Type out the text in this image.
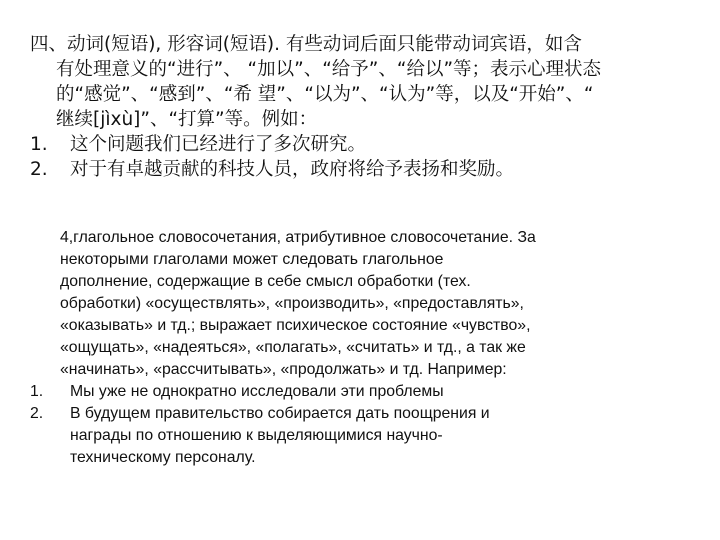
四、动词(短语), 形容词(短语). 有些动词后面只能带动词宾语，如含
有处理意义的“进行”、 “加以”、“给予”、“给以”等；表示心理状态
的“感觉”、“感到”、“希 望”、“以为”、“认为”等，以及“开始”、“
继续[jìxù]”、“打算”等。例如：

1. 这个问题我们已经进行了多次研究。
2. 对于有卓越贡献的科技人员，政府将给予表扬和奖励。

4,глагольное словосочетания, атрибутивное словосочетание. За
некоторыми глаголами может следовать глагольное
дополнение, содержащие в себе смысл обработки (тех.
обработки) «осуществлять», «производить», «предоставлять»,
«оказывать» и тд.; выражает психическое состояние «чувство»,
«ощущать», «надеяться», «полагать», «считать» и тд., а так же
«начинать», «рассчитывать», «продолжать» и тд. Например:

1. Мы уже не однократно исследовали эти проблемы
2. В будущем правительство собирается дать поощрения и
награды по отношению к выделяющимися научно-
техническому персоналу.
